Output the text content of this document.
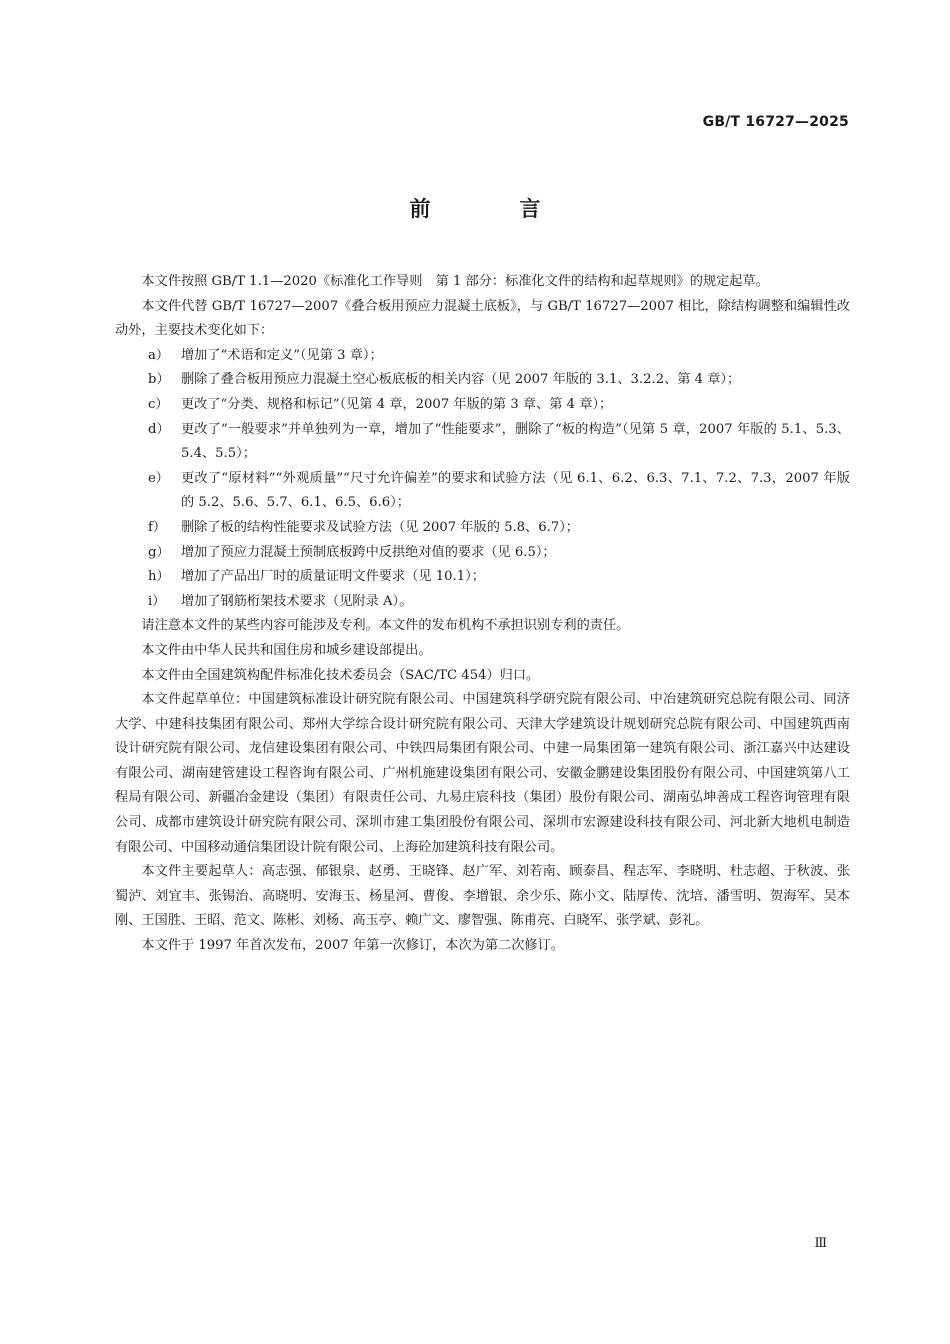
GB/T 16727—2025
前　言

本文件按照 GB/T 1.1—2020《标准化工作导则　第 1 部分：标准化文件的结构和起草规则》的规定起草。

本文件代替 GB/T 16727—2007《叠合板用预应力混凝土底板》，与 GB/T 16727—2007 相比，除结构调整和编辑性改动外，主要技术变化如下：

a） 增加了“术语和定义”（见第 3 章）；
b） 删除了叠合板用预应力混凝土空心板底板的相关内容（见 2007 年版的 3.1、3.2.2、第 4 章）；
c） 更改了“分类、规格和标记”（见第 4 章，2007 年版的第 3 章、第 4 章）；
d） 更改了“一般要求”并单独列为一章，增加了“性能要求”，删除了“板的构造”（见第 5 章，2007 年版的 5.1、5.3、5.4、5.5）；
e） 更改了“原材料”“外观质量”“尺寸允许偏差”的要求和试验方法（见 6.1、6.2、6.3、7.1、7.2、7.3，2007 年版的 5.2、5.6、5.7、6.1、6.5、6.6）；
f）	删除了板的结构性能要求及试验方法（见 2007 年版的 5.8、6.7）；
g） 增加了预应力混凝土预制底板跨中反拱绝对值的要求（见 6.5）；
h） 增加了产品出厂时的质量证明文件要求（见 10.1）；
i）	增加了钢筋桁架技术要求（见附录 A）。

请注意本文件的某些内容可能涉及专利。本文件的发布机构不承担识别专利的责任。

本文件由中华人民共和国住房和城乡建设部提出。

本文件由全国建筑构配件标准化技术委员会（SAC/TC 454）归口。

本文件起草单位：中国建筑标准设计研究院有限公司、中国建筑科学研究院有限公司、中冶建筑研究总院有限公司、同济大学、中建科技集团有限公司、郑州大学综合设计研究院有限公司、天津大学建筑设计规划研究总院有限公司、中国建筑西南设计研究院有限公司、龙信建设集团有限公司、中铁四局集团有限公司、中建一局集团第一建筑有限公司、浙江嘉兴中达建设有限公司、湖南建管建设工程咨询有限公司、广州机施建设集团有限公司、安徽金鹏建设集团股份有限公司、中国建筑第八工程局有限公司、新疆冶金建设（集团）有限责任公司、九易庄宸科技（集团）股份有限公司、湖南弘坤善成工程咨询管理有限公司、成都市建筑设计研究院有限公司、深圳市建工集团股份有限公司、深圳市宏源建设科技有限公司、河北新大地机电制造有限公司、中国移动通信集团设计院有限公司、上海砼加建筑科技有限公司。

本文件主要起草人：高志强、郁银泉、赵勇、王晓锋、赵广军、刘若南、顾泰昌、程志军、李晓明、杜志超、于秋波、张蜀泸、刘宜丰、张锡治、高晓明、安海玉、杨星河、曹俊、李增银、余少乐、陈小文、陆厚传、沈培、潘雪明、贺海军、吴本刚、王国胜、王昭、范文、陈彬、刘杨、高玉亭、赖广文、廖智强、陈甫亮、白晓军、张学斌、彭礼。

本文件于 1997 年首次发布，2007 年第一次修订，本次为第二次修订。

Ⅲ
